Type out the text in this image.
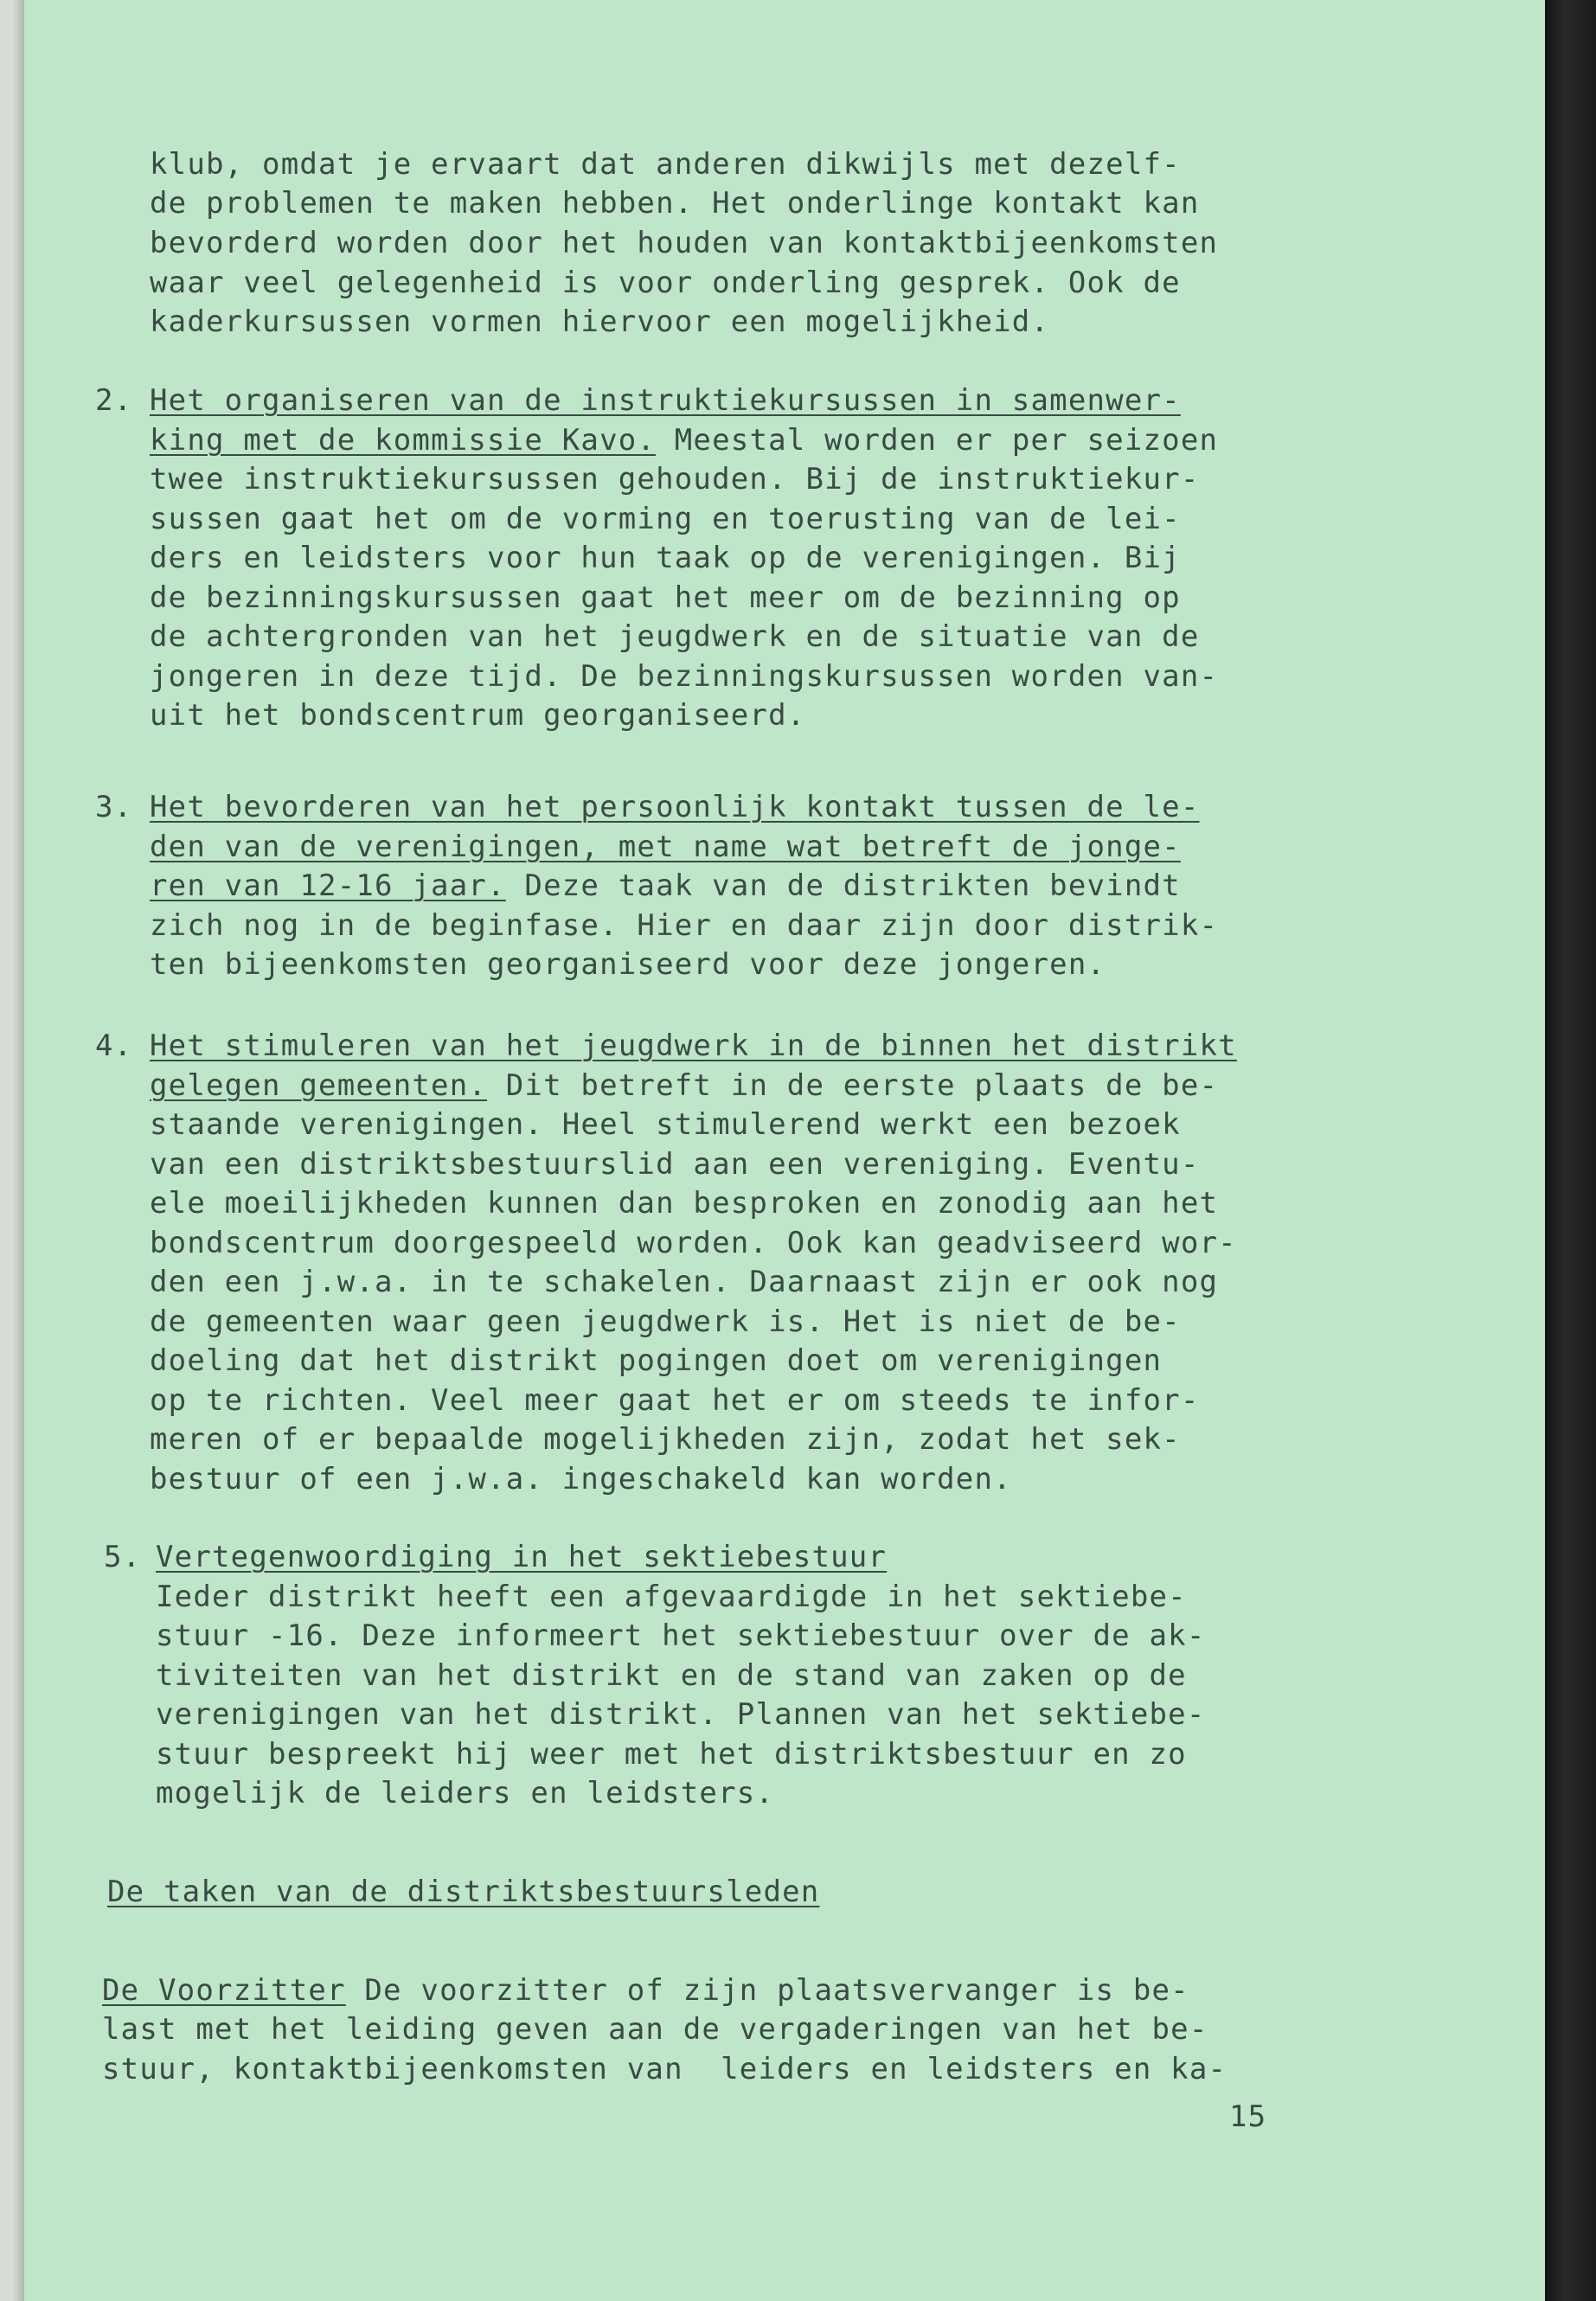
klub, omdat je ervaart dat anderen dikwijls met dezelf-
de problemen te maken hebben. Het onderlinge kontakt kan
bevorderd worden door het houden van kontaktbijeenkomsten
waar veel gelegenheid is voor onderling gesprek. Ook de
kaderkursussen vormen hiervoor een mogelijkheid.
2. Het organiseren van de instruktiekursussen in samenwer-
king met de kommissie Kavo. Meestal worden er per seizoen
twee instruktiekursussen gehouden. Bij de instruktiekur-
sussen gaat het om de vorming en toerusting van de lei-
ders en leidsters voor hun taak op de verenigingen. Bij
de bezinningskursussen gaat het meer om de bezinning op
de achtergronden van het jeugdwerk en de situatie van de
jongeren in deze tijd. De bezinningskursussen worden van-
uit het bondscentrum georganiseerd.
3. Het bevorderen van het persoonlijk kontakt tussen de le-
den van de verenigingen, met name wat betreft de jonge-
ren van 12-16 jaar. Deze taak van de distrikten bevindt
zich nog in de beginfase. Hier en daar zijn door distrik-
ten bijeenkomsten georganiseerd voor deze jongeren.
4. Het stimuleren van het jeugdwerk in de binnen het distrikt
gelegen gemeenten. Dit betreft in de eerste plaats de be-
staande verenigingen. Heel stimulerend werkt een bezoek
van een distriktsbestuurslid aan een vereniging. Eventu-
ele moeilijkheden kunnen dan besproken en zonodig aan het
bondscentrum doorgespeeld worden. Ook kan geadviseerd wor-
den een j.w.a. in te schakelen. Daarnaast zijn er ook nog
de gemeenten waar geen jeugdwerk is. Het is niet de be-
doeling dat het distrikt pogingen doet om verenigingen
op te richten. Veel meer gaat het er om steeds te infor-
meren of er bepaalde mogelijkheden zijn, zodat het sek-
bestuur of een j.w.a. ingeschakeld kan worden.
5. Vertegenwoordiging in het sektiebestuur
Ieder distrikt heeft een afgevaardigde in het sektiebe-
stuur -16. Deze informeert het sektiebestuur over de ak-
tiviteiten van het distrikt en de stand van zaken op de
verenigingen van het distrikt. Plannen van het sektiebe-
stuur bespreekt hij weer met het distriktsbestuur en zo
mogelijk de leiders en leidsters.
De taken van de distriktsbestuursleden
De Voorzitter De voorzitter of zijn plaatsvervanger is be-
last met het leiding geven aan de vergaderingen van het be-
stuur, kontaktbijeenkomsten van  leiders en leidsters en ka-
15
